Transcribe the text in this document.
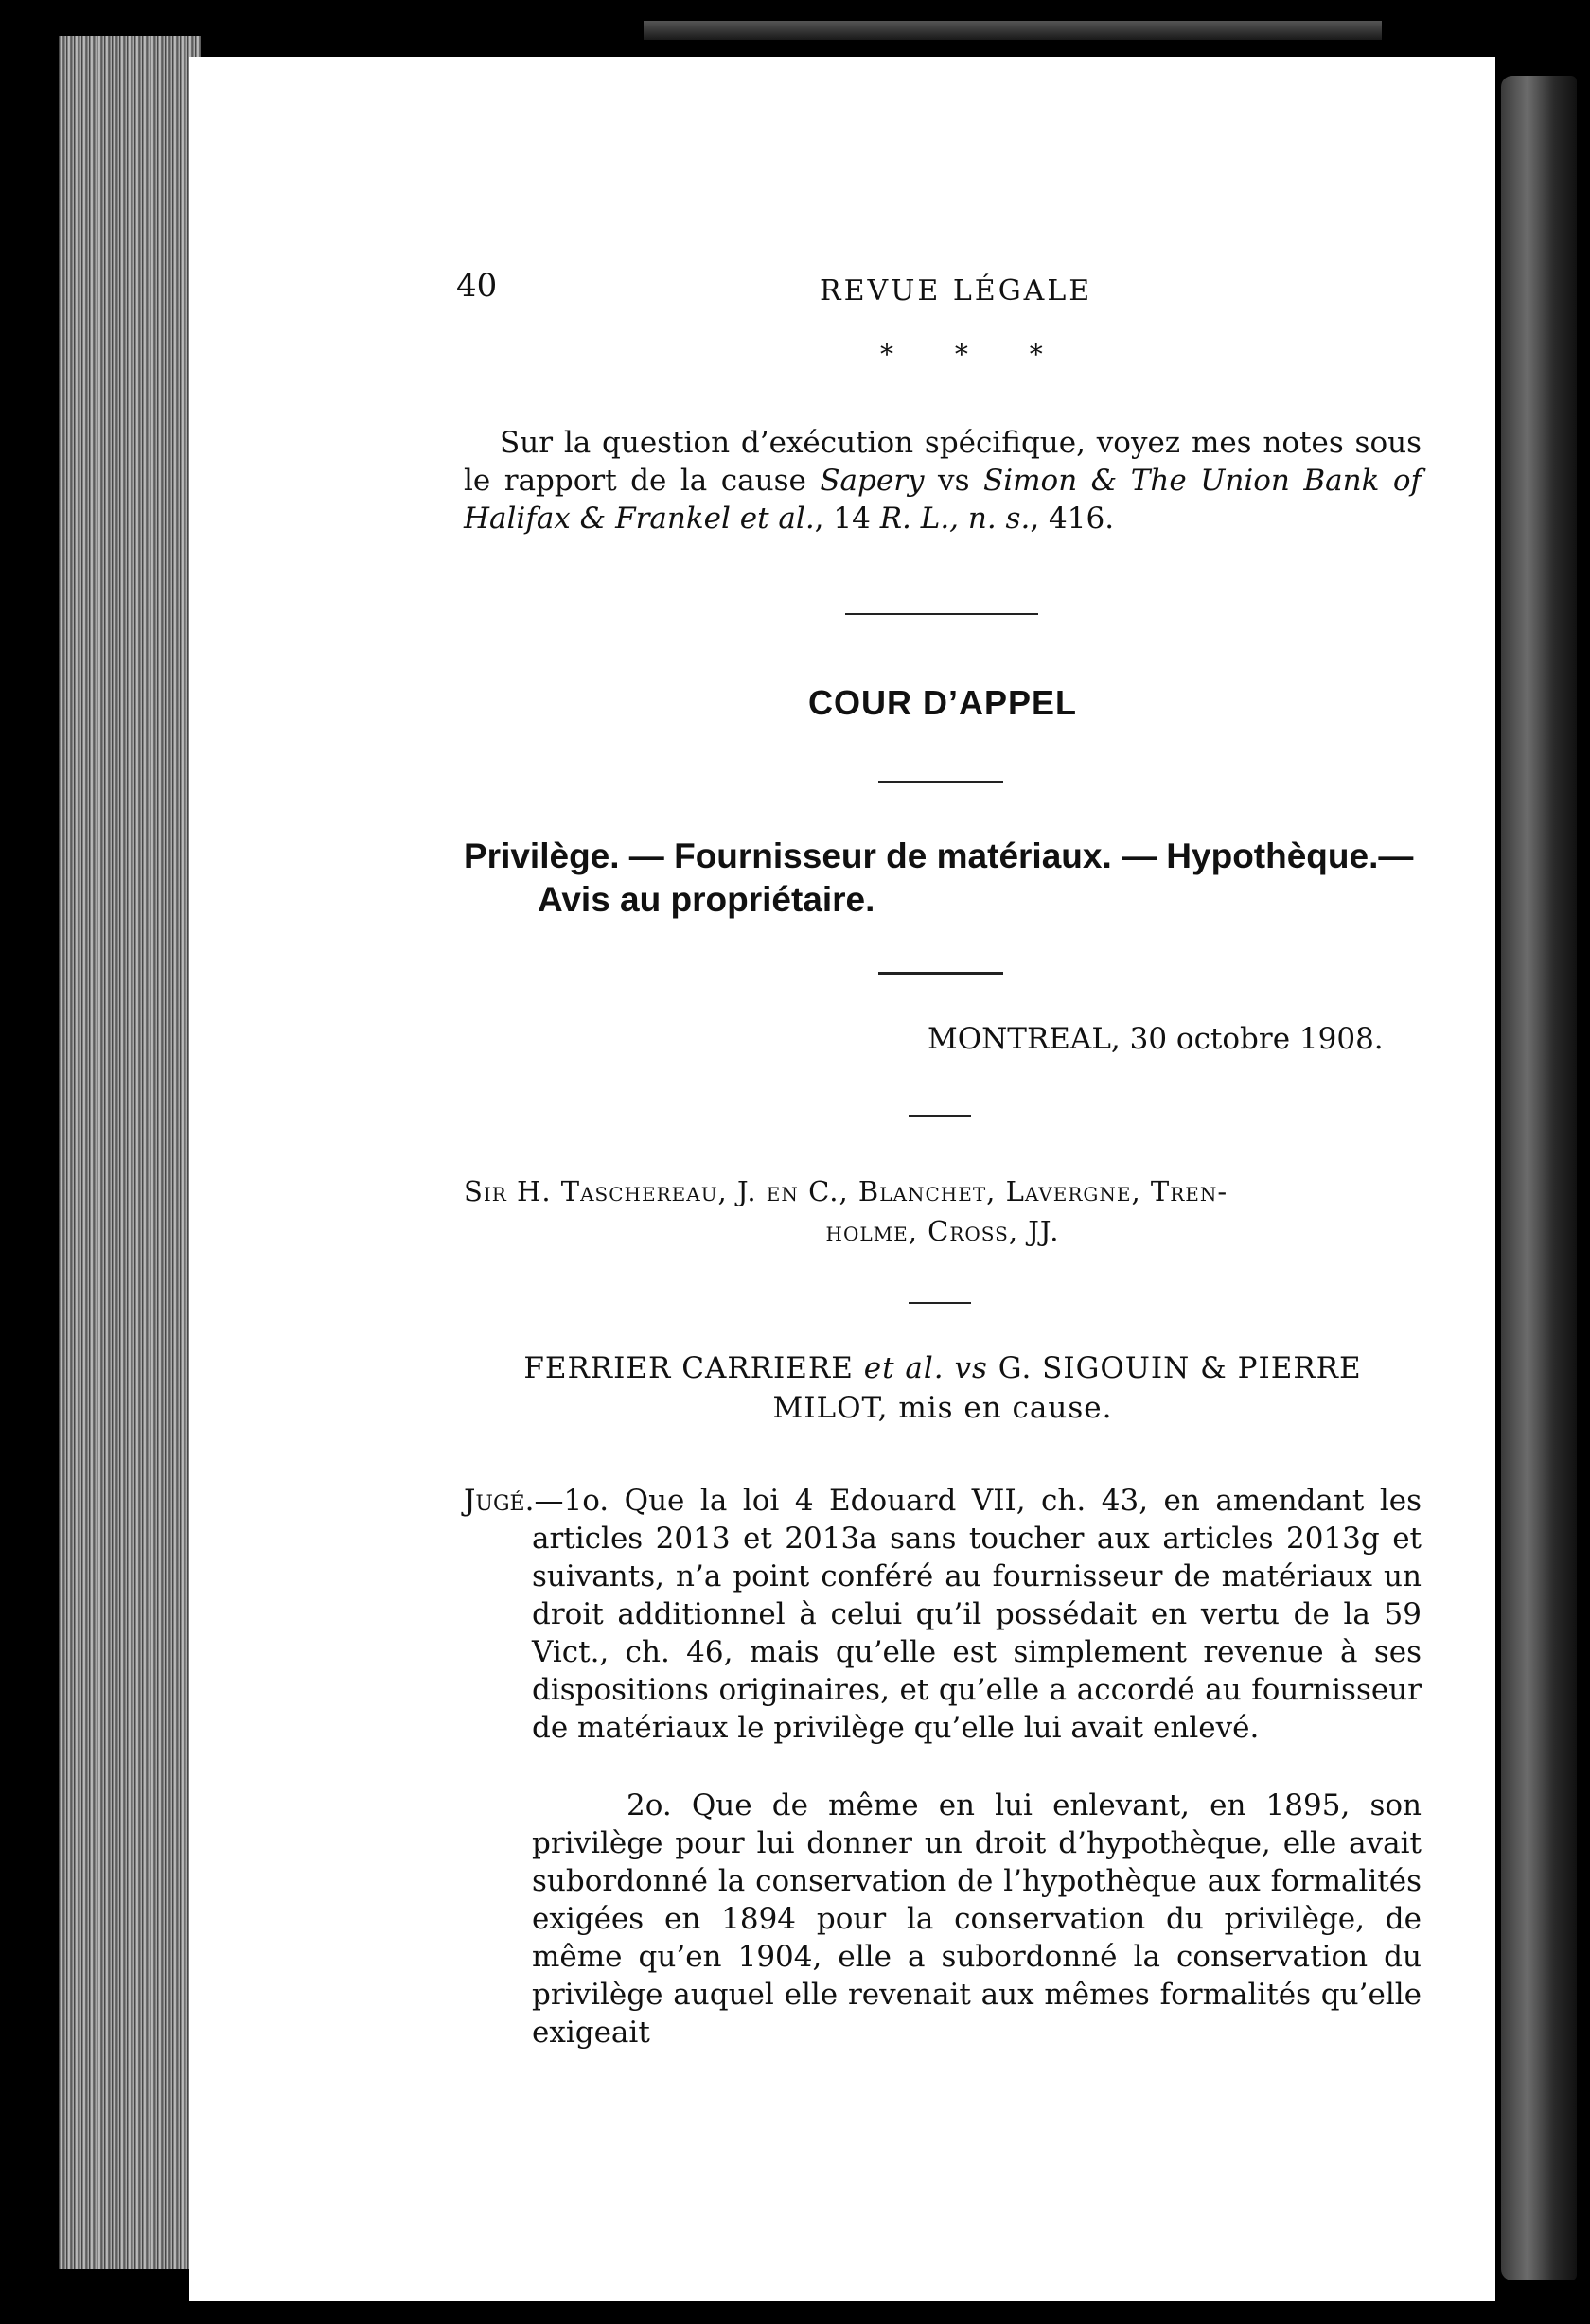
40	REVUE LÉGALE
* * *
Sur la question d’exécution spécifique, voyez mes notes sous le rapport de la cause Sapery vs Simon & The Union Bank of Halifax & Frankel et al., 14 R. L., n. s., 416.
COUR D’APPEL
Privilège. — Fournisseur de matériaux. — Hypothèque.—
Avis au propriétaire.
MONTREAL, 30 octobre 1908.
Sir H. Taschereau, J. en C., Blanchet, Lavergne, Tren-
holme, Cross, JJ.
FERRIER CARRIERE et al. vs G. SIGOUIN & PIERRE
MILOT, mis en cause.
Jugé.—1o. Que la loi 4 Edouard VII, ch. 43, en amendant les articles 2013 et 2013a sans toucher aux articles 2013g et suivants, n’a point conféré au fournisseur de matériaux un droit additionnel à celui qu’il possédait en vertu de la 59 Vict., ch. 46, mais qu’elle est simplement revenue à ses dispositions originaires, et qu’elle a accordé au fournisseur de matériaux le privilège qu’elle lui avait enlevé.
2o. Que de même en lui enlevant, en 1895, son privilège pour lui donner un droit d’hypothèque, elle avait subordonné la conservation de l’hypothèque aux formalités exigées en 1894 pour la conservation du privilège, de même qu’en 1904, elle a subordonné la conservation du privilège auquel elle revenait aux mêmes formalités qu’elle exigeait
